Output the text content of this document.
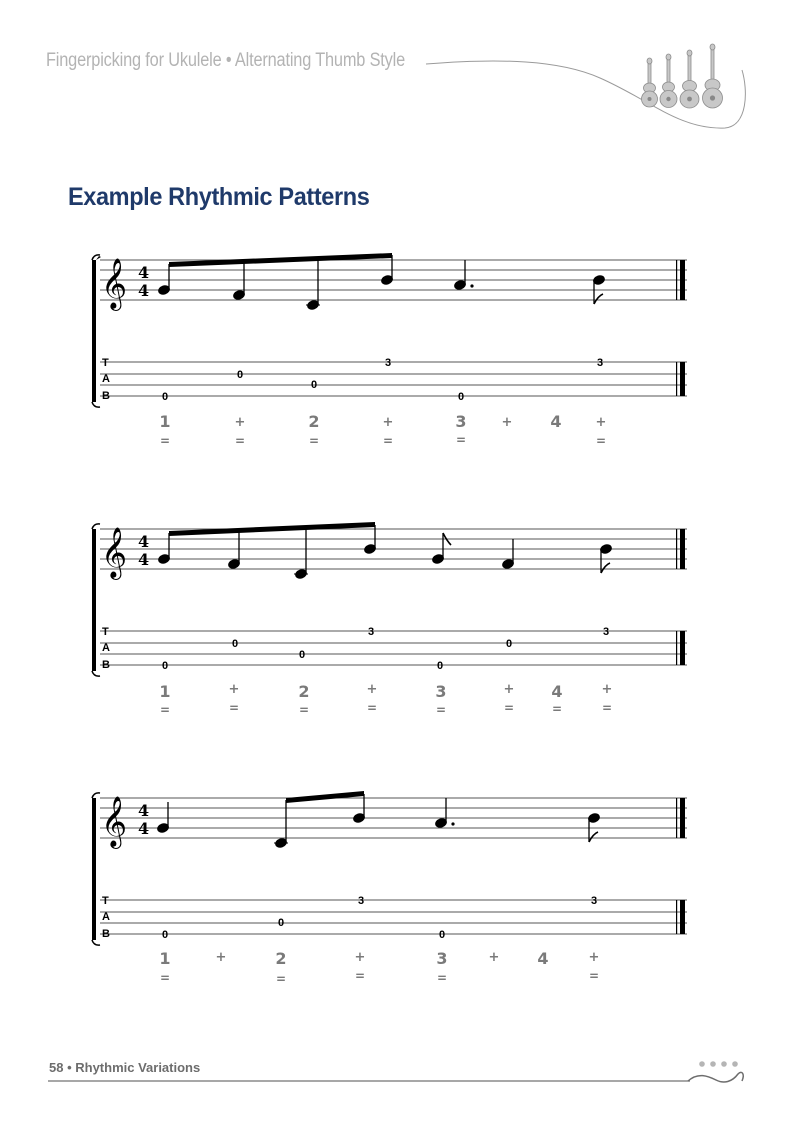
Fingerpicking for Ukulele • Alternating Thumb Style
Example Rhythmic Patterns
𝄞 4
4
T
A
B	0
0
0
3
0
3
1	+	2	+	3	+ 4	+
=	=	=	=	=	=
𝄞 4
4
T
A
B	0
0
0
3
0
0
3
1	+	2	+	3	+ 4	+
=	=	=	=	=	=	=	=
𝄞 4
4
T
A
B	0
0
3
0
3
1	+	2	+	3	+ 4	+
=	=	=	=	=
58 • Rhythmic Variations
